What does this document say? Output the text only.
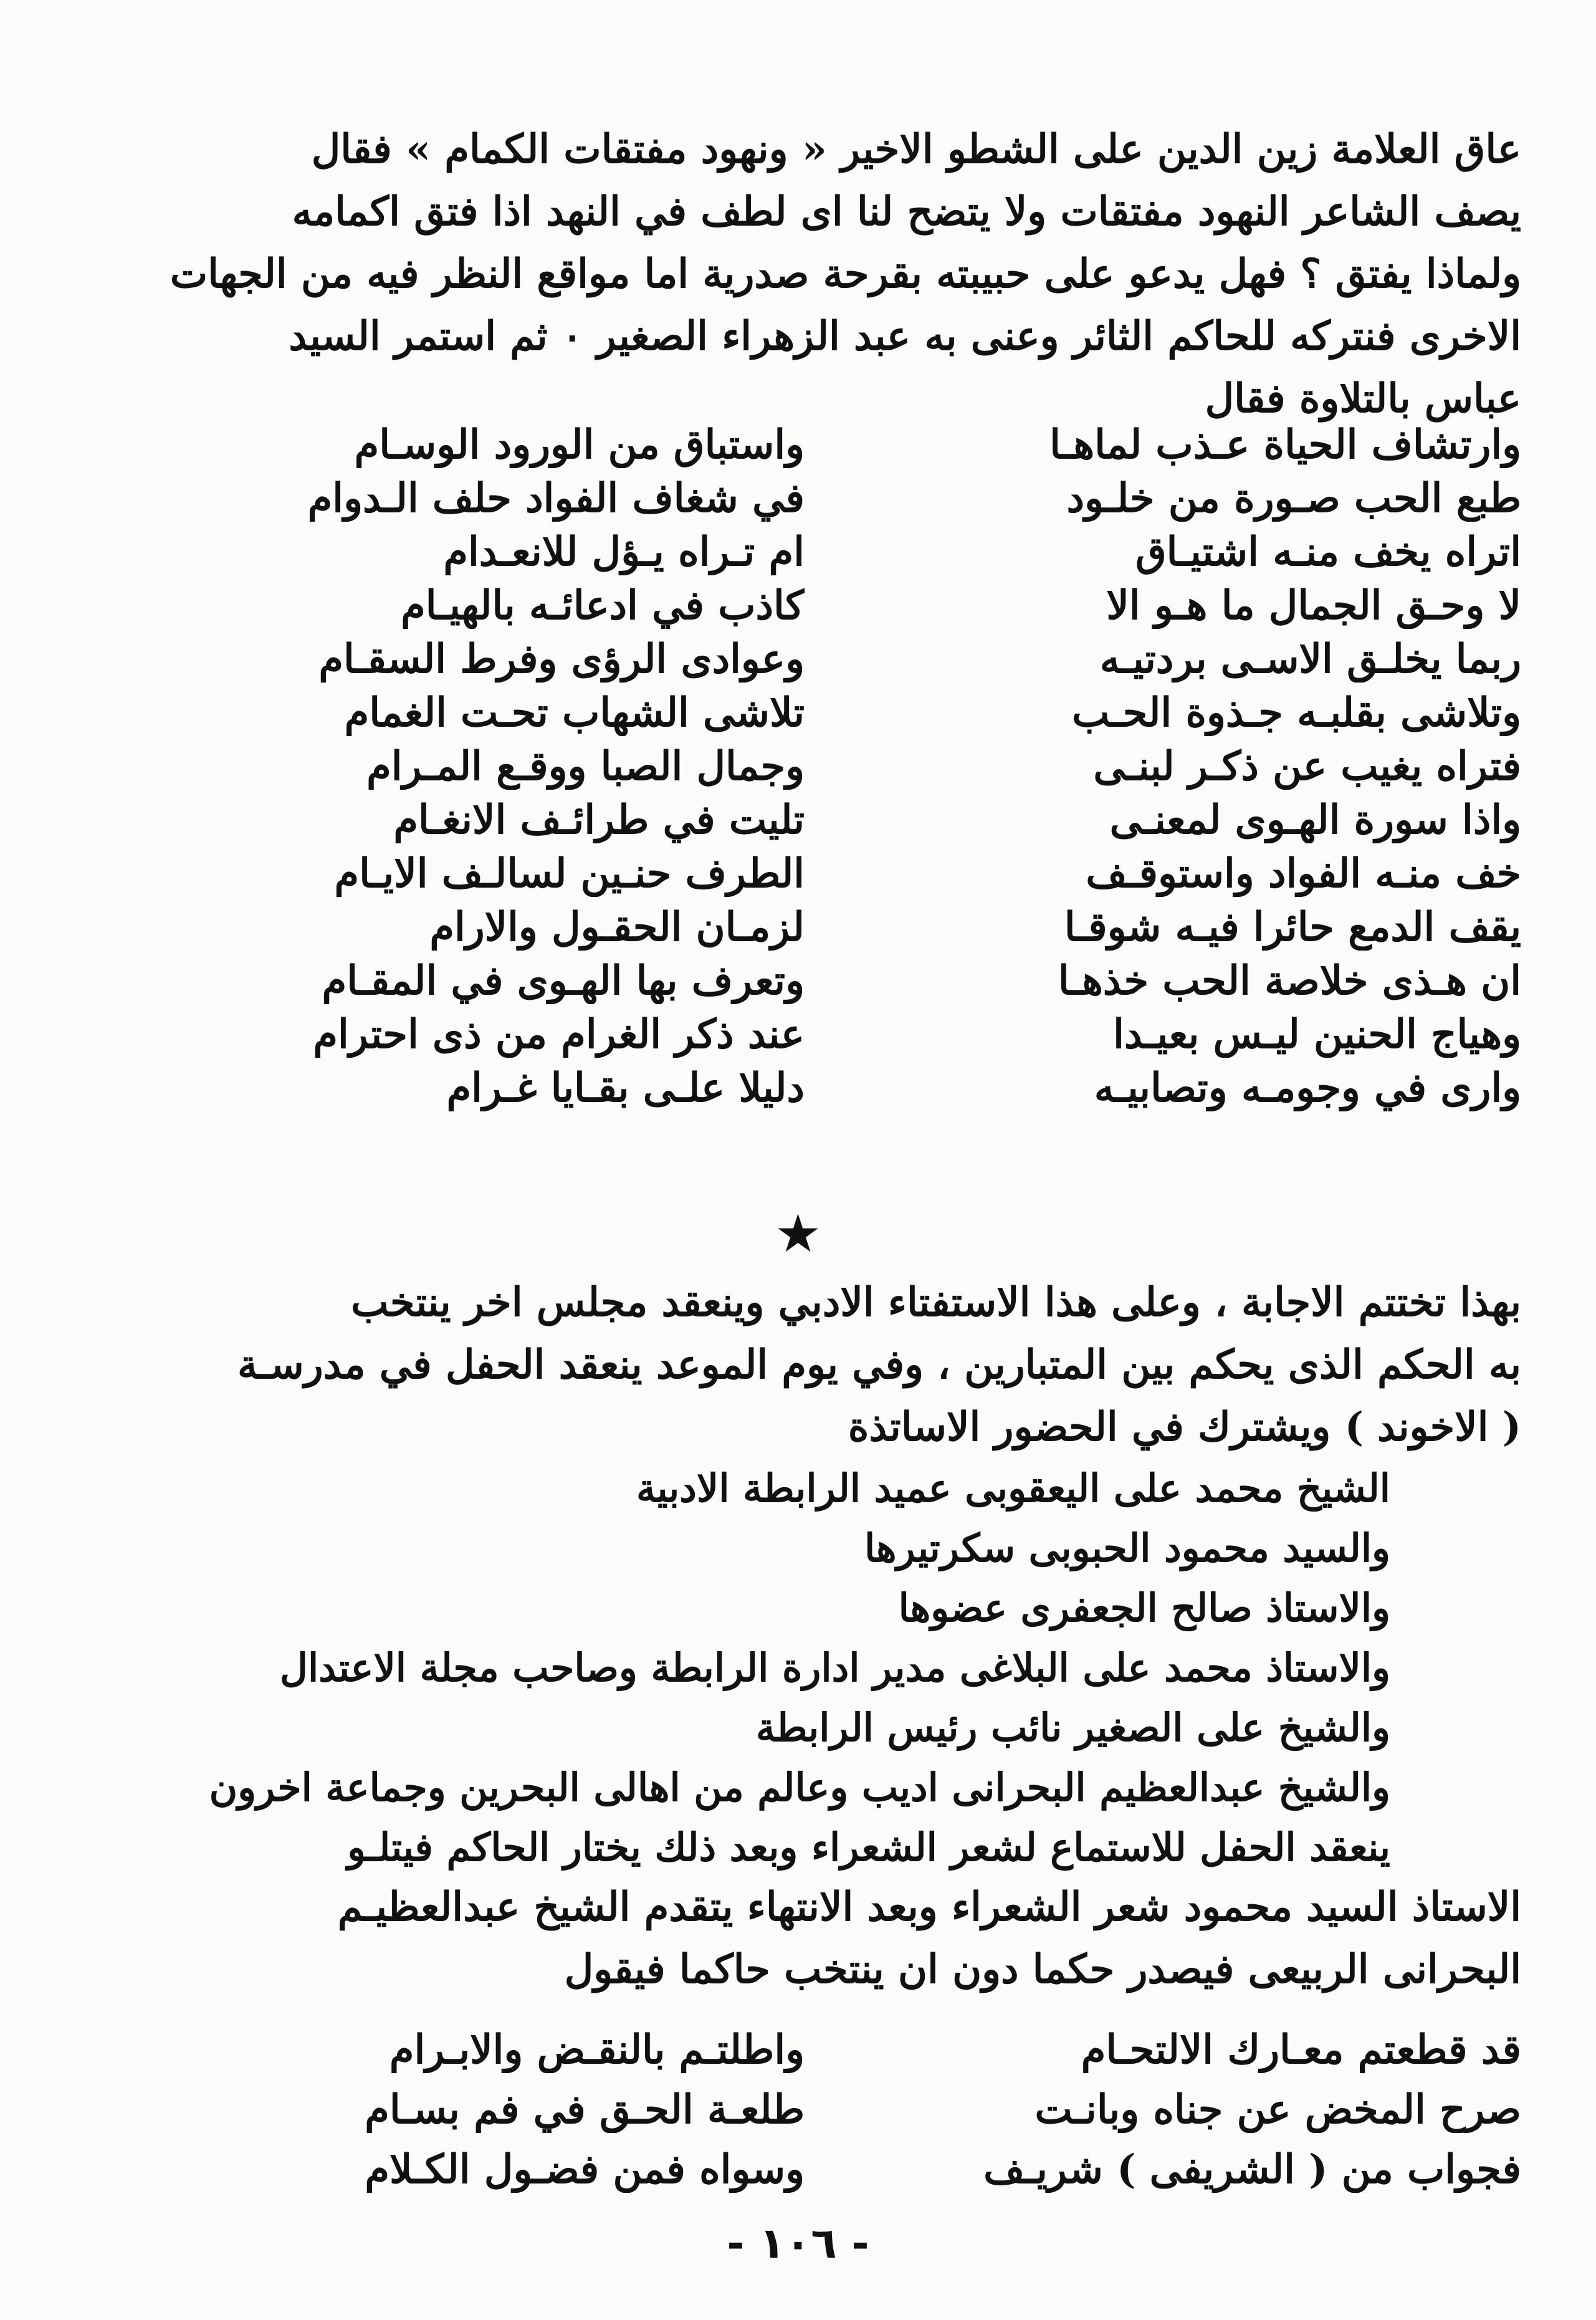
عاق العلامة زين الدين على الشطو الاخير « ونهود مفتقات الكمام » فقال

يصف الشاعر النهود مفتقات ولا يتضح لنا اى لطف في النهد اذا فتق اكمامه

ولماذا يفتق ؟ فهل يدعو على حبيبته بقرحة صدرية اما مواقع النظر فيه من الجهات

الاخرى فنتركه للحاكم الثائر وعنى به عبد الزهراء الصغير ۰ ثم استمر السيد

عباس بالتلاوة فقال

وارتشاف الحياة عـذب لماهـا
واستباق من الورود الوسـام
طبع الحب صـورة من خلـود
في شغاف الفواد حلف الـدوام
اتراه يخف منـه اشتيـاق
ام تـراه يـؤل للانعـدام
لا وحـق الجمال ما هـو الا
كاذب في ادعائـه بالهيـام
ربما يخلـق الاسـى بردتيـه
وعوادى الرؤى وفرط السقـام
وتلاشى بقلبـه جـذوة الحـب
تلاشى الشهاب تحـت الغمام
فتراه يغيب عن ذكـر لبنـى
وجمال الصبا ووقـع المـرام
واذا سورة الهـوى لمعنـى
تليت في طرائـف الانغـام
خف منـه الفواد واستوقـف
الطرف حنـين لسالـف الايـام
يقف الدمع حائرا فيـه شوقـا
لزمـان الحقـول والارام
ان هـذى خلاصة الحب خذهـا
وتعرف بها الهـوى في المقـام
وهياج الحنين ليـس بعيـدا
عند ذكر الغرام من ذى احترام
وارى في وجومـه وتصابيـه
دليلا علـى بقـايا غـرام
★

بهذا تختتم الاجابة ، وعلى هذا الاستفتاء الادبي وينعقد مجلس اخر ينتخب

به الحكم الذى يحكم بين المتبارين ، وفي يوم الموعد ينعقد الحفل في مدرسـة

( الاخوند ) ويشترك في الحضور الاساتذة

الشيخ محمد على اليعقوبى عميد الرابطة الادبية

والسيد محمود الحبوبى سكرتيرها

والاستاذ صالح الجعفرى عضوها

والاستاذ محمد على البلاغى مدير ادارة الرابطة وصاحب مجلة الاعتدال

والشيخ على الصغير نائب رئيس الرابطة

والشيخ عبدالعظيم البحرانى اديب وعالم من اهالى البحرين وجماعة اخرون

ينعقد الحفل للاستماع لشعر الشعراء وبعد ذلك يختار الحاكم فيتلـو

الاستاذ السيد محمود شعر الشعراء وبعد الانتهاء يتقدم الشيخ عبدالعظيـم

البحرانى الربيعى فيصدر حكما دون ان ينتخب حاكما فيقول

قد قطعتم معـارك الالتحـام
واطلتـم بالنقـض والابـرام
صرح المخض عن جناه وبانـت
طلعـة الحـق في فم بسـام
فجواب من ( الشريفى ) شريـف
وسواه فمن فضـول الكـلام
- ١٠٦ -
